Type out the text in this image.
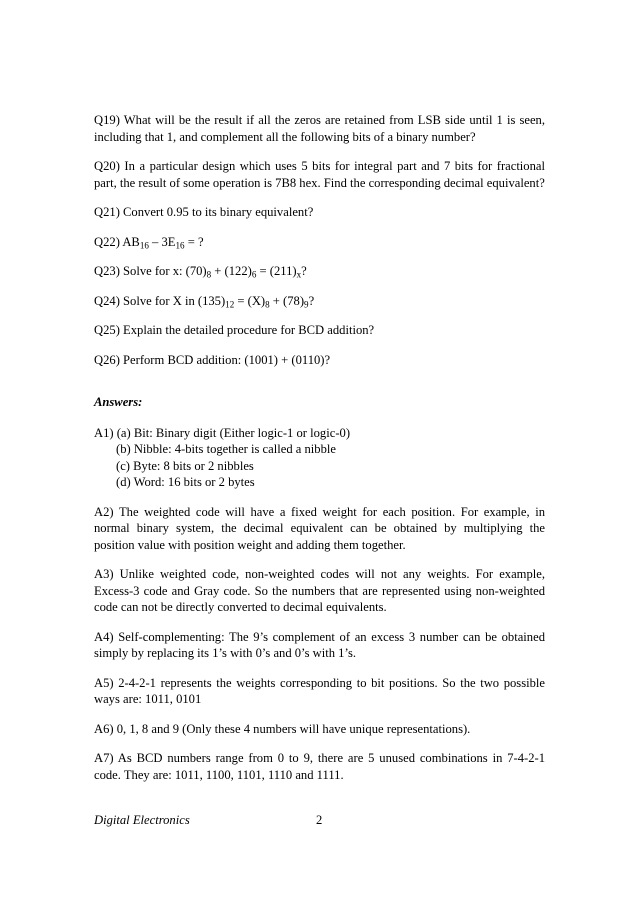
Q19) What will be the result if all the zeros are retained from LSB side until 1 is seen, including that 1, and complement all the following bits of a binary number?

Q20) In a particular design which uses 5 bits for integral part and 7 bits for fractional part, the result of some operation is 7B8 hex. Find the corresponding decimal equivalent?

Q21) Convert 0.95 to its binary equivalent?

Q22) $AB_{16} - 3E_{16}$ = ?

Q23) Solve for x: $(70)_8 + (122)_6 = (211)_x$?

Q24) Solve for X in $(135)_{12} = (X)_8 + (78)_9$?

Q25) Explain the detailed procedure for BCD addition?

Q26) Perform BCD addition: (1001) + (0110)?

Answers:

A1) (a) Bit: Binary digit (Either logic-1 or logic-0)
(b) Nibble: 4-bits together is called a nibble
(c) Byte: 8 bits or 2 nibbles
(d) Word: 16 bits or 2 bytes

A2) The weighted code will have a fixed weight for each position. For example, in normal binary system, the decimal equivalent can be obtained by multiplying the position value with position weight and adding them together.

A3) Unlike weighted code, non-weighted codes will not any weights. For example, Excess-3 code and Gray code. So the numbers that are represented using non-weighted code can not be directly converted to decimal equivalents.

A4) Self-complementing: The 9’s complement of an excess 3 number can be obtained simply by replacing its 1’s with 0’s and 0’s with 1’s.

A5) 2-4-2-1 represents the weights corresponding to bit positions. So the two possible ways are: 1011, 0101

A6) 0, 1, 8 and 9 (Only these 4 numbers will have unique representations).

A7) As BCD numbers range from 0 to 9, there are 5 unused combinations in 7-4-2-1 code. They are: 1011, 1100, 1101, 1110 and 1111.

Digital Electronics	2
